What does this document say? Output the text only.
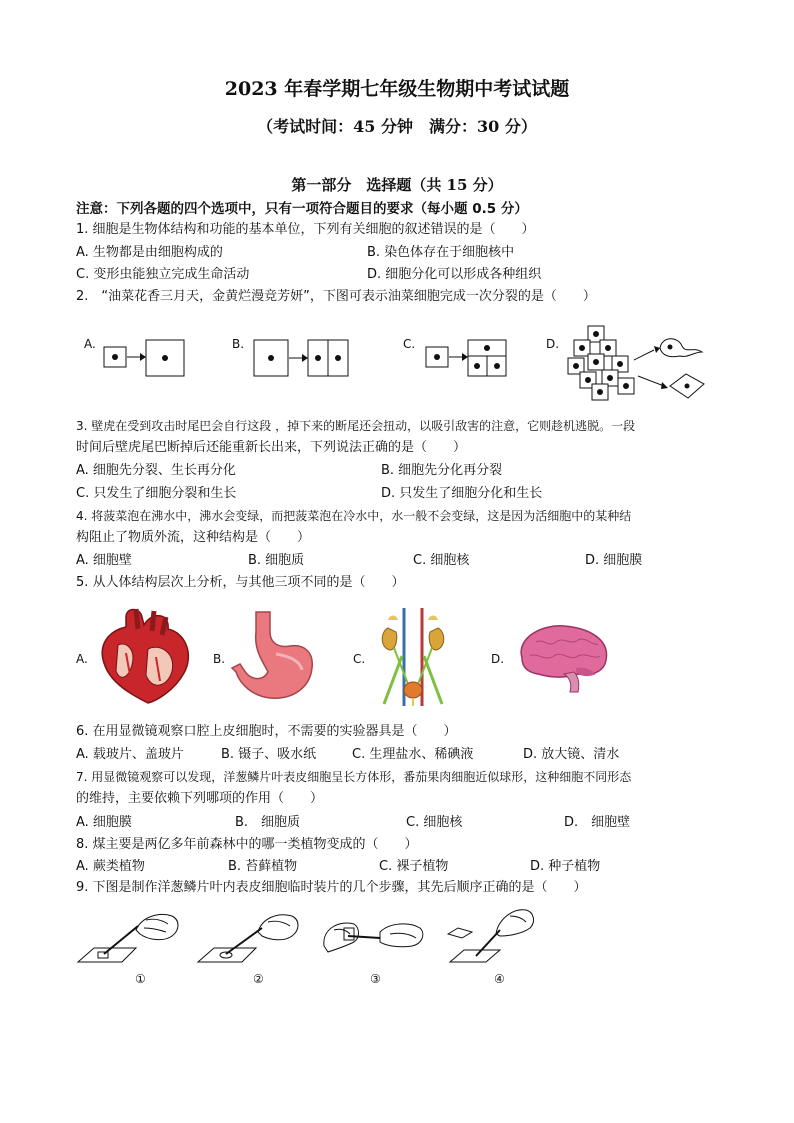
2023 年春学期七年级生物期中考试试题
（考试时间：45 分钟　满分：30 分）
第一部分　选择题（共 15 分）
注意：下列各题的四个选项中，只有一项符合题目的要求（每小题 0.5 分）
1. 细胞是生物体结构和功能的基本单位，下列有关细胞的叙述错误的是（　　）
A. 生物都是由细胞构成的	B. 染色体存在于细胞核中
C. 变形虫能独立完成生命活动	D. 细胞分化可以形成各种组织
2.　“油菜花香三月天，金黄烂漫竞芳妍”，下图可表示油菜细胞完成一次分裂的是（　　）
A.	B.	C.	D.
3. 壁虎在受到攻击时尾巴会自行这段 ，掉下来的断尾还会扭动，以吸引敌害的注意，它则趁机逃脱。一段
时间后壁虎尾巴断掉后还能重新长出来，下列说法正确的是（　　）
A. 细胞先分裂、生长再分化	B. 细胞先分化再分裂
C. 只发生了细胞分裂和生长	D. 只发生了细胞分化和生长
4. 将菠菜泡在沸水中，沸水会变绿，而把菠菜泡在冷水中，水一般不会变绿，这是因为活细胞中的某种结
构阻止了物质外流，这种结构是（　　）
A. 细胞壁	B. 细胞质	C. 细胞核	D. 细胞膜
5. 从人体结构层次上分析，与其他三项不同的是（　　）
A.	B.	C.	D.
6. 在用显微镜观察口腔上皮细胞时，不需要的实验器具是（　　）
A. 载玻片、盖玻片	B. 镊子、吸水纸	C. 生理盐水、稀碘液	D. 放大镜、清水
7. 用显微镜观察可以发现，洋葱鳞片叶表皮细胞呈长方体形，番茄果肉细胞近似球形，这种细胞不同形态
的维持，主要依赖下列哪项的作用（　　）
A. 细胞膜	B.　细胞质	C. 细胞核	D.　细胞壁
8. 煤主要是两亿多年前森林中的哪一类植物变成的（　　）
A. 蕨类植物	B. 苔藓植物	C. 裸子植物	D. 种子植物
9. 下图是制作洋葱鳞片叶内表皮细胞临时装片的几个步骤，其先后顺序正确的是（　　）
①	②	③	④
